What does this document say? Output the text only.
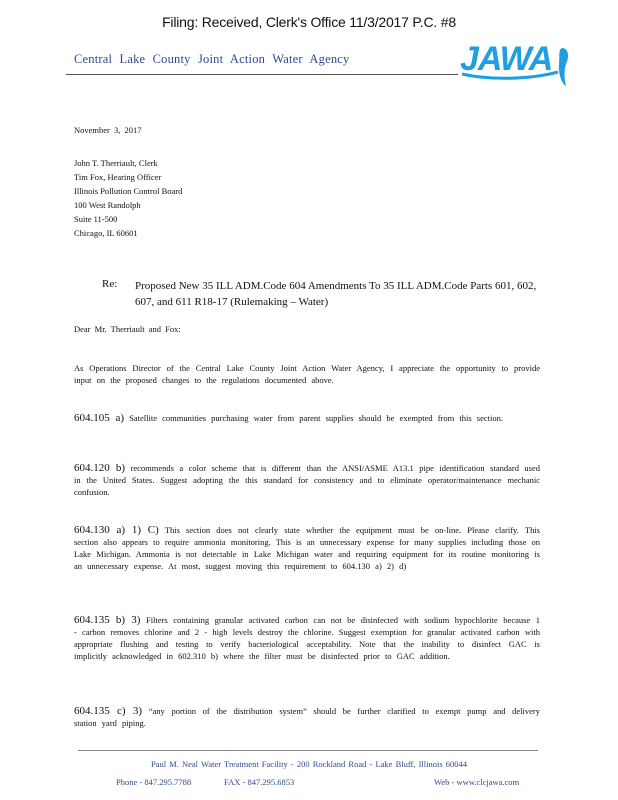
Filing: Received, Clerk's Office 11/3/2017 P.C. #8
Central Lake County Joint Action Water Agency	JAWA
November 3, 2017
John T. Therriault, Clerk
Tim Fox, Hearing Officer
Illinois Pollution Control Board
100 West Randolph
Suite 11-500
Chicago, IL 60601
Re: Proposed New 35 ILL ADM.Code 604 Amendments To 35 ILL ADM.Code Parts 601, 602, 607, and 611 R18-17 (Rulemaking – Water)
Dear Mr. Therriault and Fox:
As Operations Director of the Central Lake County Joint Action Water Agency, I appreciate the opportunity to provide input on the proposed changes to the regulations documented above.
604.105 a) Satellite communities purchasing water from parent supplies should be exempted from this section.
604.120 b) recommends a color scheme that is different than the ANSI/ASME A13.1 pipe identification standard used in the United States. Suggest adopting the this standard for consistency and to eliminate operator/maintenance mechanic confusion.
604.130 a) 1) C) This section does not clearly state whether the equipment must be on-line. Please clarify. This section also appears to require ammonia monitoring. This is an unnecessary expense for many supplies including those on Lake Michigan. Ammonia is not detectable in Lake Michigan water and requiring equipment for its routine monitoring is an unnecessary expense. At most, suggest moving this requirement to 604.130 a) 2) d)
604.135 b) 3) Filters containing granular activated carbon can not be disinfected with sodium hypochlorite because 1 - carbon removes chlorine and 2 - high levels destroy the chlorine. Suggest exemption for granular activated carbon with appropriate flushing and testing to verify bacteriological acceptability. Note that the inability to disinfect GAC is implicitly acknowledged in 602.310 b) where the filter must be disinfected prior to GAC addition.
604.135 c) 3) “any portion of the distribution system” should be further clarified to exempt pump and delivery station yard piping.
Paul M. Neal Water Treatment Facility - 200 Rockland Road - Lake Bluff, Illinois 60044
Phone - 847.295.7788	FAX - 847.295.6853	Web - www.clcjawa.com
